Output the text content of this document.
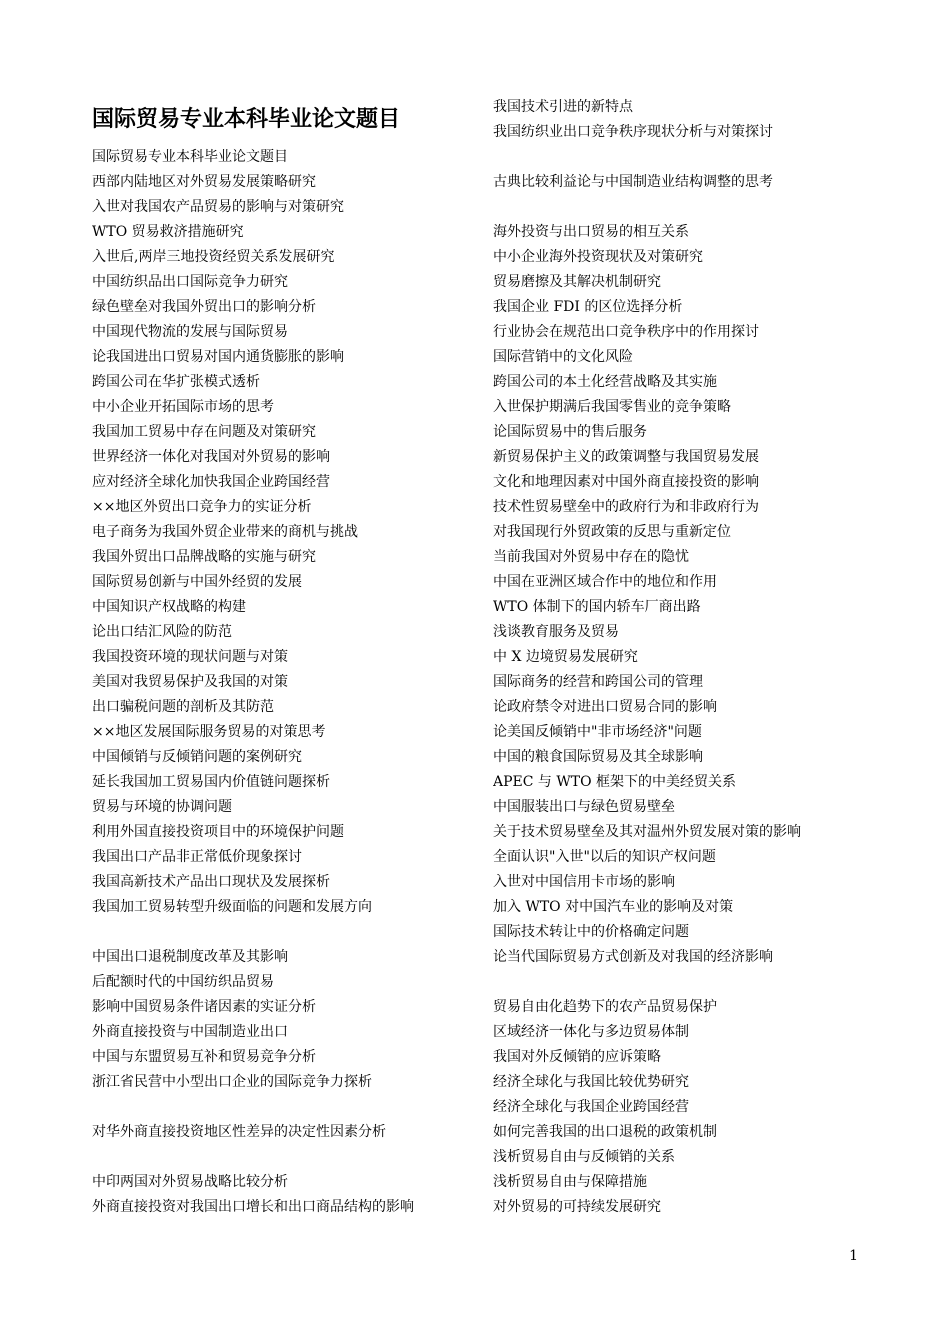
国际贸易专业本科毕业论文题目
国际贸易专业本科毕业论文题目
西部内陆地区对外贸易发展策略研究
入世对我国农产品贸易的影响与对策研究
WTO 贸易救济措施研究
入世后,两岸三地投资经贸关系发展研究
中国纺织品出口国际竞争力研究
绿色壁垒对我国外贸出口的影响分析
中国现代物流的发展与国际贸易
论我国进出口贸易对国内通货膨胀的影响
跨国公司在华扩张模式透析
中小企业开拓国际市场的思考
我国加工贸易中存在问题及对策研究
世界经济一体化对我国对外贸易的影响
应对经济全球化加快我国企业跨国经营
××地区外贸出口竞争力的实证分析
电子商务为我国外贸企业带来的商机与挑战
我国外贸出口品牌战略的实施与研究
国际贸易创新与中国外经贸的发展
中国知识产权战略的构建
论出口结汇风险的防范
我国投资环境的现状问题与对策
美国对我贸易保护及我国的对策
出口骗税问题的剖析及其防范
××地区发展国际服务贸易的对策思考
中国倾销与反倾销问题的案例研究
延长我国加工贸易国内价值链问题探析
贸易与环境的协调问题
利用外国直接投资项目中的环境保护问题
我国出口产品非正常低价现象探讨
我国高新技术产品出口现状及发展探析
我国加工贸易转型升级面临的问题和发展方向
中国出口退税制度改革及其影响
后配额时代的中国纺织品贸易
影响中国贸易条件诸因素的实证分析
外商直接投资与中国制造业出口
中国与东盟贸易互补和贸易竞争分析
浙江省民营中小型出口企业的国际竞争力探析
对华外商直接投资地区性差异的决定性因素分析
中印两国对外贸易战略比较分析
外商直接投资对我国出口增长和出口商品结构的影响
我国技术引进的新特点
我国纺织业出口竞争秩序现状分析与对策探讨
古典比较利益论与中国制造业结构调整的思考
海外投资与出口贸易的相互关系
中小企业海外投资现状及对策研究
贸易磨擦及其解决机制研究
我国企业 FDI 的区位选择分析
行业协会在规范出口竞争秩序中的作用探讨
国际营销中的文化风险
跨国公司的本土化经营战略及其实施
入世保护期满后我国零售业的竞争策略
论国际贸易中的售后服务
新贸易保护主义的政策调整与我国贸易发展
文化和地理因素对中国外商直接投资的影响
技术性贸易壁垒中的政府行为和非政府行为
对我国现行外贸政策的反思与重新定位
当前我国对外贸易中存在的隐忧
中国在亚洲区域合作中的地位和作用
WTO 体制下的国内轿车厂商出路
浅谈教育服务及贸易
中 X 边境贸易发展研究
国际商务的经营和跨国公司的管理
论政府禁令对进出口贸易合同的影响
论美国反倾销中"非市场经济"问题
中国的粮食国际贸易及其全球影响
APEC 与 WTO 框架下的中美经贸关系
中国服装出口与绿色贸易壁垒
关于技术贸易壁垒及其对温州外贸发展对策的影响
全面认识"入世"以后的知识产权问题
入世对中国信用卡市场的影响
加入 WTO 对中国汽车业的影响及对策
国际技术转让中的价格确定问题
论当代国际贸易方式创新及对我国的经济影响
贸易自由化趋势下的农产品贸易保护
区域经济一体化与多边贸易体制
我国对外反倾销的应诉策略
经济全球化与我国比较优势研究
经济全球化与我国企业跨国经营
如何完善我国的出口退税的政策机制
浅析贸易自由与反倾销的关系
浅析贸易自由与保障措施
对外贸易的可持续发展研究
1
